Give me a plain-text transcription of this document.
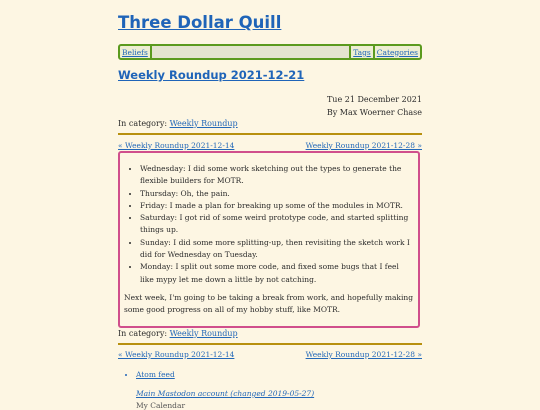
Three Dollar Quill
Beliefs	Tags Categories
Weekly Roundup 2021-12-21
Tue 21 December 2021
By Max Woerner Chase
In category: Weekly Roundup
« Weekly Roundup 2021-12-14	Weekly Roundup 2021-12-28 »
• Wednesday: I did some work sketching out the types to generate the flexible builders for MOTR.
• Thursday: Oh, the pain.
• Friday: I made a plan for breaking up some of the modules in MOTR.
• Saturday: I got rid of some weird prototype code, and started splitting things up.
• Sunday: I did some more splitting-up, then revisiting the sketch work I did for Wednesday on Tuesday.
• Monday: I split out some more code, and fixed some bugs that I feel like mypy let me down a little by not catching.

Next week, I'm going to be taking a break from work, and hopefully making some good progress on all of my hobby stuff, like MOTR.

In category: Weekly Roundup
« Weekly Roundup 2021-12-14	Weekly Roundup 2021-12-28 »
• Atom feed
Main Mastodon account (changed 2019-05-27)
My Calendar
